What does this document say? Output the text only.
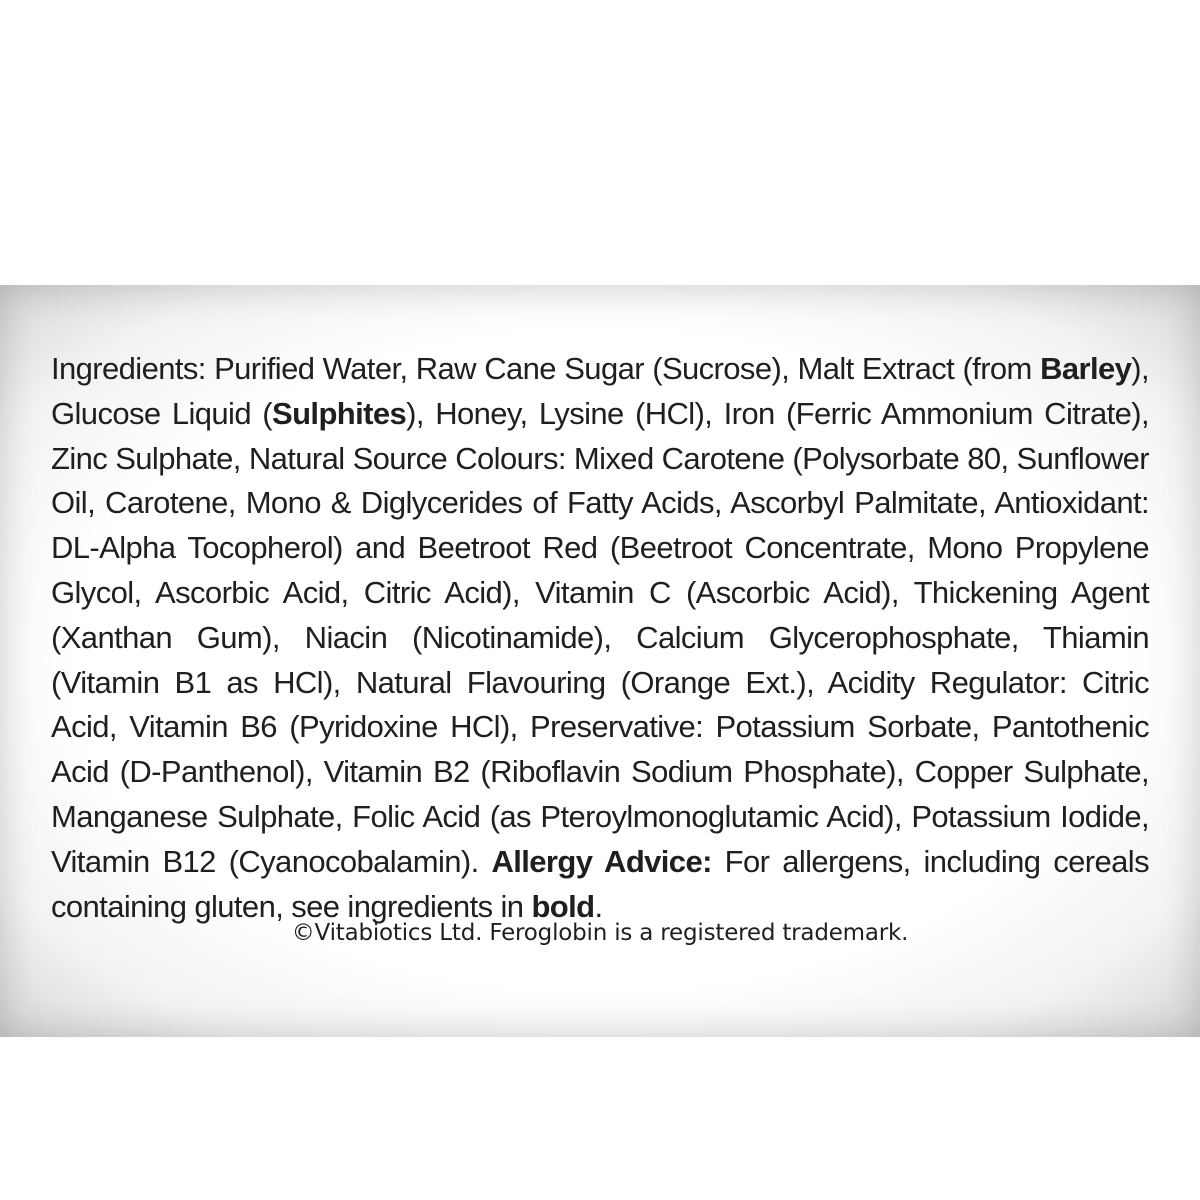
Ingredients: Purified Water, Raw Cane Sugar (Sucrose), Malt Extract (from Barley), Glucose Liquid (Sulphites), Honey, Lysine (HCl), Iron (Ferric Ammonium Citrate), Zinc Sulphate, Natural Source Colours: Mixed Carotene (Polysorbate 80, Sunflower Oil, Carotene, Mono & Diglycerides of Fatty Acids, Ascorbyl Palmitate, Antioxidant: DL-Alpha Tocopherol) and Beetroot Red (Beetroot Concentrate, Mono Propylene Glycol, Ascorbic Acid, Citric Acid), Vitamin C (Ascorbic Acid), Thickening Agent (Xanthan Gum), Niacin (Nicotinamide), Calcium Glycerophosphate, Thiamin (Vitamin B1 as HCl), Natural Flavouring (Orange Ext.), Acidity Regulator: Citric Acid, Vitamin B6 (Pyridoxine HCl), Preservative: Potassium Sorbate, Pantothenic Acid (D-Panthenol), Vitamin B2 (Riboflavin Sodium Phosphate), Copper Sulphate, Manganese Sulphate, Folic Acid (as Pteroylmonoglutamic Acid), Potassium Iodide, Vitamin B12 (Cyanocobalamin). Allergy Advice: For allergens, including cereals containing gluten, see ingredients in bold.

©Vitabiotics Ltd. Feroglobin is a registered trademark.
